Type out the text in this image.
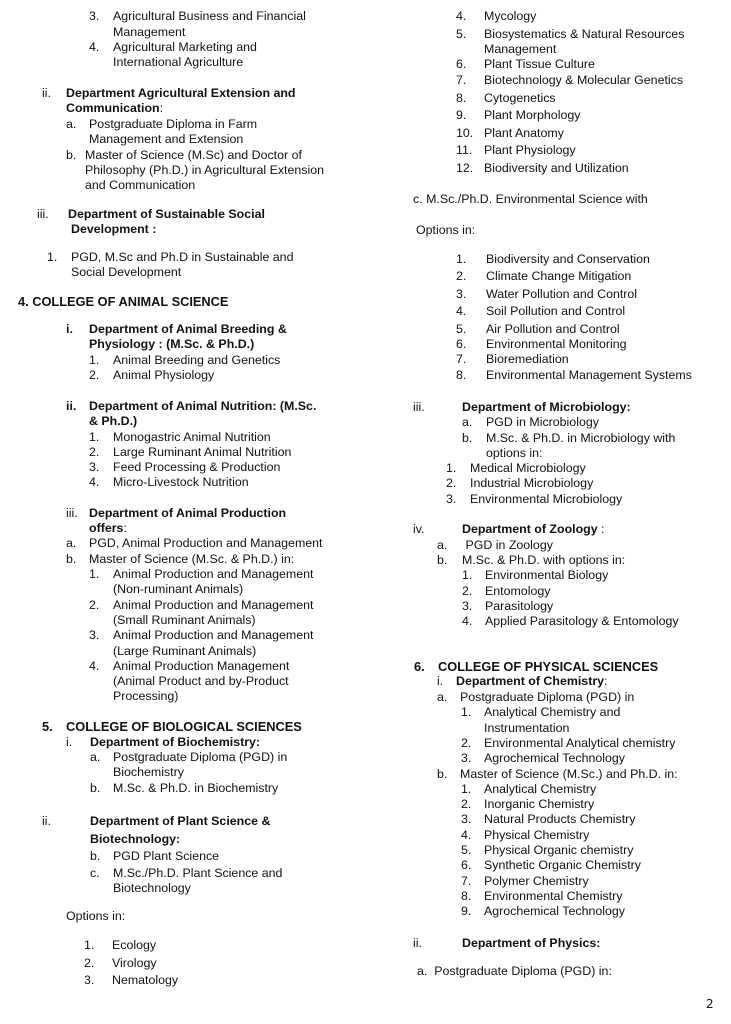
3. Agricultural Business and Financial
Management
4. Agricultural Marketing and
International Agriculture
ii. Department Agricultural Extension and
Communication:
a. Postgraduate Diploma in Farm
Management and Extension
b. Master of Science (M.Sc) and Doctor of
Philosophy (Ph.D.) in Agricultural Extension
and Communication
iii. Department of Sustainable Social
Development :
1. PGD, M.Sc and Ph.D in Sustainable and
Social Development
4. COLLEGE OF ANIMAL SCIENCE
i. Department of Animal Breeding &
Physiology : (M.Sc. & Ph.D.)
1. Animal Breeding and Genetics
2. Animal Physiology
ii. Department of Animal Nutrition: (M.Sc.
& Ph.D.)
1. Monogastric Animal Nutrition
2. Large Ruminant Animal Nutrition
3. Feed Processing & Production
4. Micro-Livestock Nutrition
iii. Department of Animal Production
offers:
a. PGD, Animal Production and Management
b. Master of Science (M.Sc. & Ph.D.) in:
1. Animal Production and Management
(Non-ruminant Animals)
2. Animal Production and Management
(Small Ruminant Animals)
3. Animal Production and Management
(Large Ruminant Animals)
4. Animal Production Management
(Animal Product and by-Product
Processing)
5. COLLEGE OF BIOLOGICAL SCIENCES
i. Department of Biochemistry:
a. Postgraduate Diploma (PGD) in
Biochemistry
b. M.Sc. & Ph.D. in Biochemistry
ii.	Department of Plant Science &
Biotechnology:
b. PGD Plant Science
c. M.Sc./Ph.D. Plant Science and
Biotechnology
Options in:
1. Ecology
2. Virology
3. Nematology
4. Mycology
5. Biosystematics & Natural Resources
Management
6. Plant Tissue Culture
7. Biotechnology & Molecular Genetics
8. Cytogenetics
9. Plant Morphology
10. Plant Anatomy
11. Plant Physiology
12. Biodiversity and Utilization
c. M.Sc./Ph.D. Environmental Science with
Options in:
1. Biodiversity and Conservation
2. Climate Change Mitigation
3. Water Pollution and Control
4. Soil Pollution and Control
5. Air Pollution and Control
6. Environmental Monitoring
7. Bioremediation
8. Environmental Management Systems
iii.	Department of Microbiology:
a. PGD in Microbiology
b. M.Sc. & Ph.D. in Microbiology with
options in:
1. Medical Microbiology
2. Industrial Microbiology
3. Environmental Microbiology
iv.	Department of Zoology :
a. PGD in Zoology
b. M.Sc. & Ph.D. with options in:
1. Environmental Biology
2. Entomology
3. Parasitology
4. Applied Parasitology & Entomology
6. COLLEGE OF PHYSICAL SCIENCES
i. Department of Chemistry:
a. Postgraduate Diploma (PGD) in
1. Analytical Chemistry and
Instrumentation
2. Environmental Analytical chemistry
3. Agrochemical Technology
b. Master of Science (M.Sc.) and Ph.D. in:
1. Analytical Chemistry
2. Inorganic Chemistry
3. Natural Products Chemistry
4. Physical Chemistry
5. Physical Organic chemistry
6. Synthetic Organic Chemistry
7. Polymer Chemistry
8. Environmental Chemistry
9. Agrochemical Technology
ii.	Department of Physics:
a.  Postgraduate Diploma (PGD) in:
2
